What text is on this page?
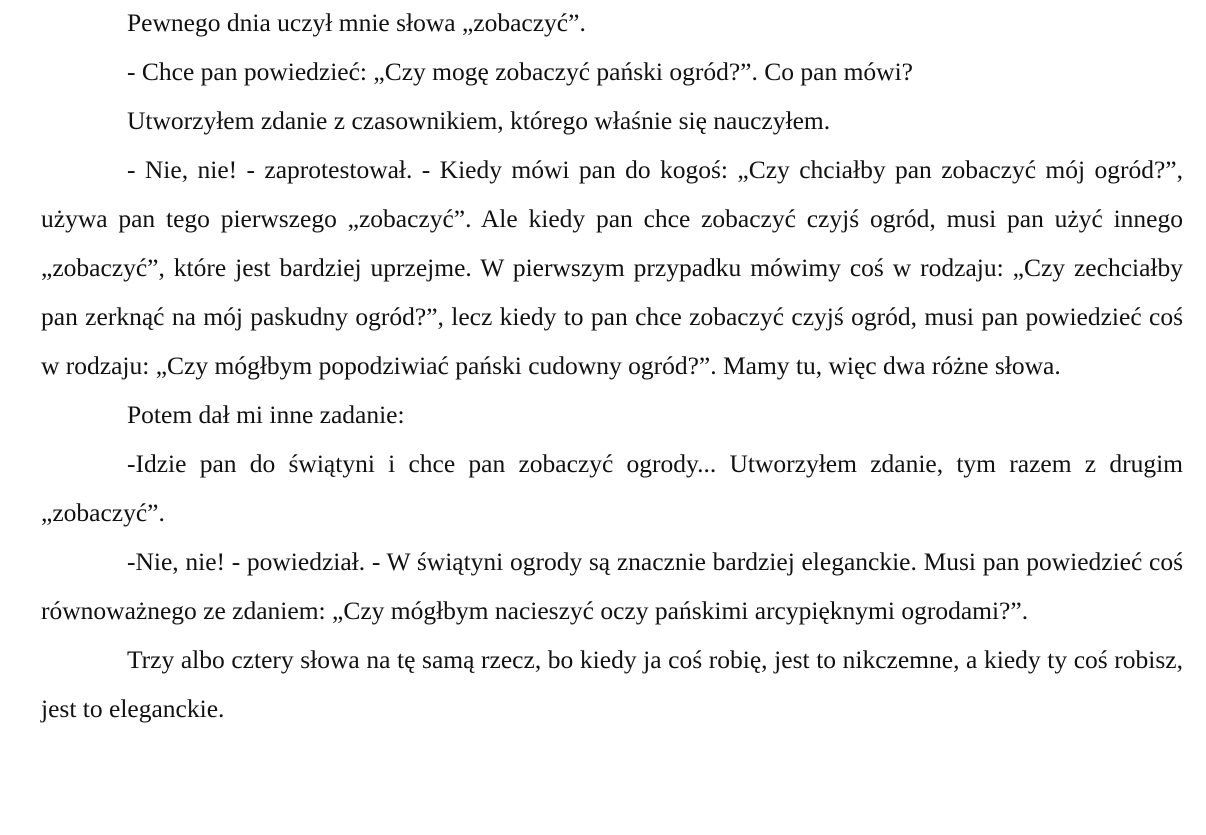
Pewnego dnia uczył mnie słowa „zobaczyć”.

- Chce pan powiedzieć: „Czy mogę zobaczyć pański ogród?”. Co pan mówi?

Utworzyłem zdanie z czasownikiem, którego właśnie się nauczyłem.

- Nie, nie! - zaprotestował. - Kiedy mówi pan do kogoś: „Czy chciałby pan zobaczyć mój ogród?”, używa pan tego pierwszego „zobaczyć”. Ale kiedy pan chce zobaczyć czyjś ogród, musi pan użyć innego „zobaczyć”, które jest bardziej uprzejme. W pierwszym przypadku mówimy coś w rodzaju: „Czy zechciałby pan zerknąć na mój paskudny ogród?”, lecz kiedy to pan chce zobaczyć czyjś ogród, musi pan powiedzieć coś w rodzaju: „Czy mógłbym popodziwiać pański cudowny ogród?”. Mamy tu, więc dwa różne słowa.

Potem dał mi inne zadanie:

-Idzie pan do świątyni i chce pan zobaczyć ogrody... Utworzyłem zdanie, tym razem z drugim „zobaczyć”.

-Nie, nie! - powiedział. - W świątyni ogrody są znacznie bardziej eleganckie. Musi pan powiedzieć coś równoważnego ze zdaniem: „Czy mógłbym nacieszyć oczy pańskimi arcypięknymi ogrodami?”.

Trzy albo cztery słowa na tę samą rzecz, bo kiedy ja coś robię, jest to nikczemne, a kiedy ty coś robisz, jest to eleganckie.
